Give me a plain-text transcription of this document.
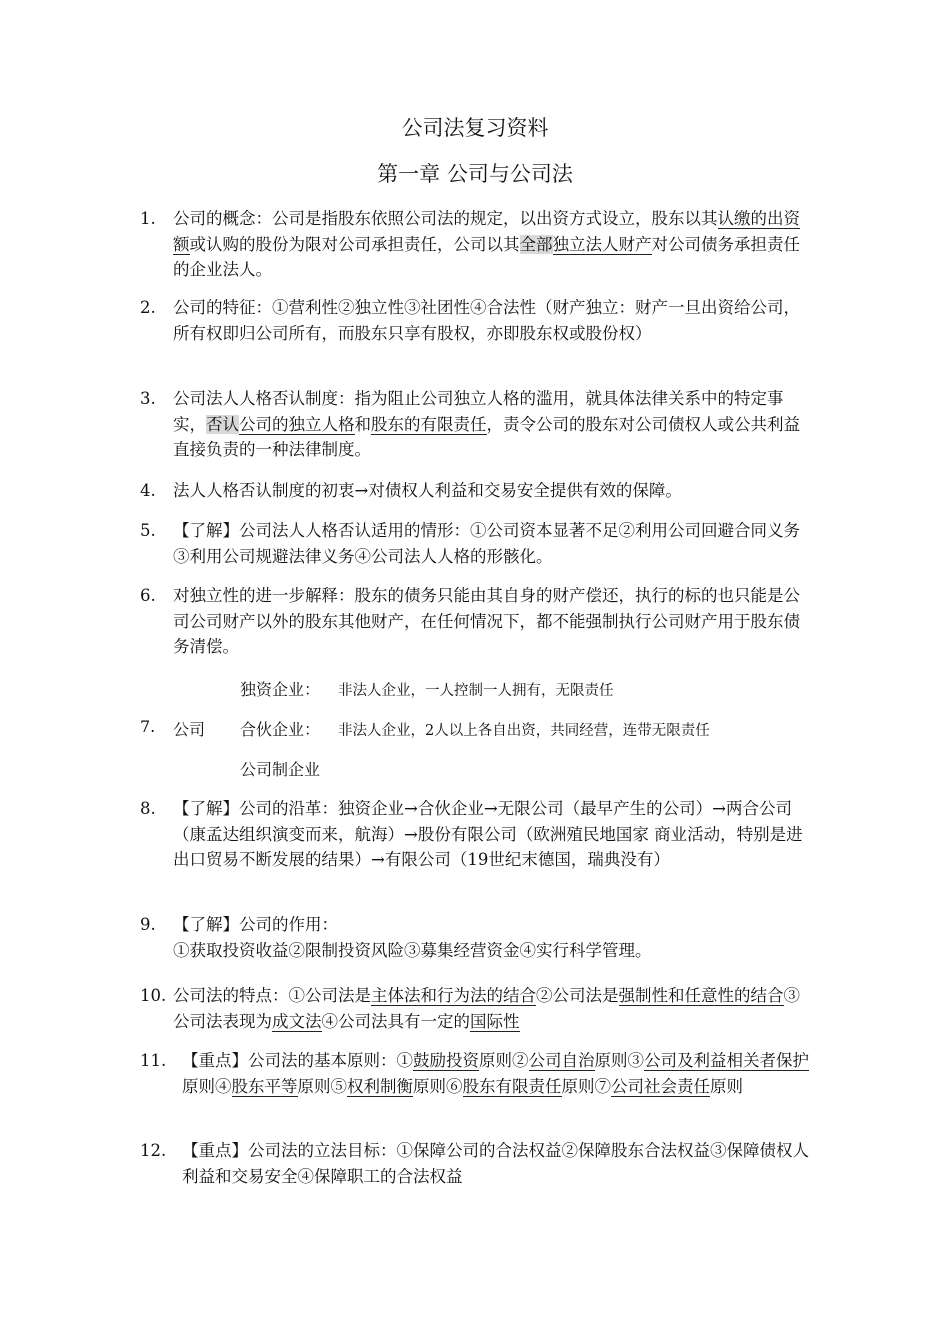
公司法复习资料
第一章 公司与公司法
1. 公司的概念：公司是指股东依照公司法的规定，以出资方式设立，股东以其认缴的出资额或认购的股份为限对公司承担责任，公司以其全部独立法人财产对公司债务承担责任的企业法人。
2. 公司的特征：①营利性②独立性③社团性④合法性（财产独立：财产一旦出资给公司，所有权即归公司所有，而股东只享有股权，亦即股东权或股份权）
3. 公司法人人格否认制度：指为阻止公司独立人格的滥用，就具体法律关系中的特定事实，否认公司的独立人格和股东的有限责任，责令公司的股东对公司债权人或公共利益直接负责的一种法律制度。
4. 法人人格否认制度的初衷→对债权人利益和交易安全提供有效的保障。
5. 【了解】公司法人人格否认适用的情形：①公司资本显著不足②利用公司回避合同义务③利用公司规避法律义务④公司法人人格的形骸化。
6. 对独立性的进一步解释：股东的债务只能由其自身的财产偿还，执行的标的也只能是公司公司财产以外的股东其他财产，在任何情况下，都不能强制执行公司财产用于股东债务清偿。
独资企业： 非法人企业，一人控制一人拥有，无限责任
7. 公司 合伙企业： 非法人企业，2人以上各自出资，共同经营，连带无限责任
公司制企业
8. 【了解】公司的沿革：独资企业→合伙企业→无限公司（最早产生的公司）→两合公司（康孟达组织演变而来，航海）→股份有限公司（欧洲殖民地国家 商业活动，特别是进出口贸易不断发展的结果）→有限公司（19世纪末德国，瑞典没有）
9. 【了解】公司的作用：
①获取投资收益②限制投资风险③募集经营资金④实行科学管理。
10. 公司法的特点：①公司法是主体法和行为法的结合②公司法是强制性和任意性的结合③公司法表现为成文法④公司法具有一定的国际性
11. 【重点】公司法的基本原则：①鼓励投资原则②公司自治原则③公司及利益相关者保护原则④股东平等原则⑤权利制衡原则⑥股东有限责任原则⑦公司社会责任原则
12. 【重点】公司法的立法目标：①保障公司的合法权益②保障股东合法权益③保障债权人利益和交易安全④保障职工的合法权益
